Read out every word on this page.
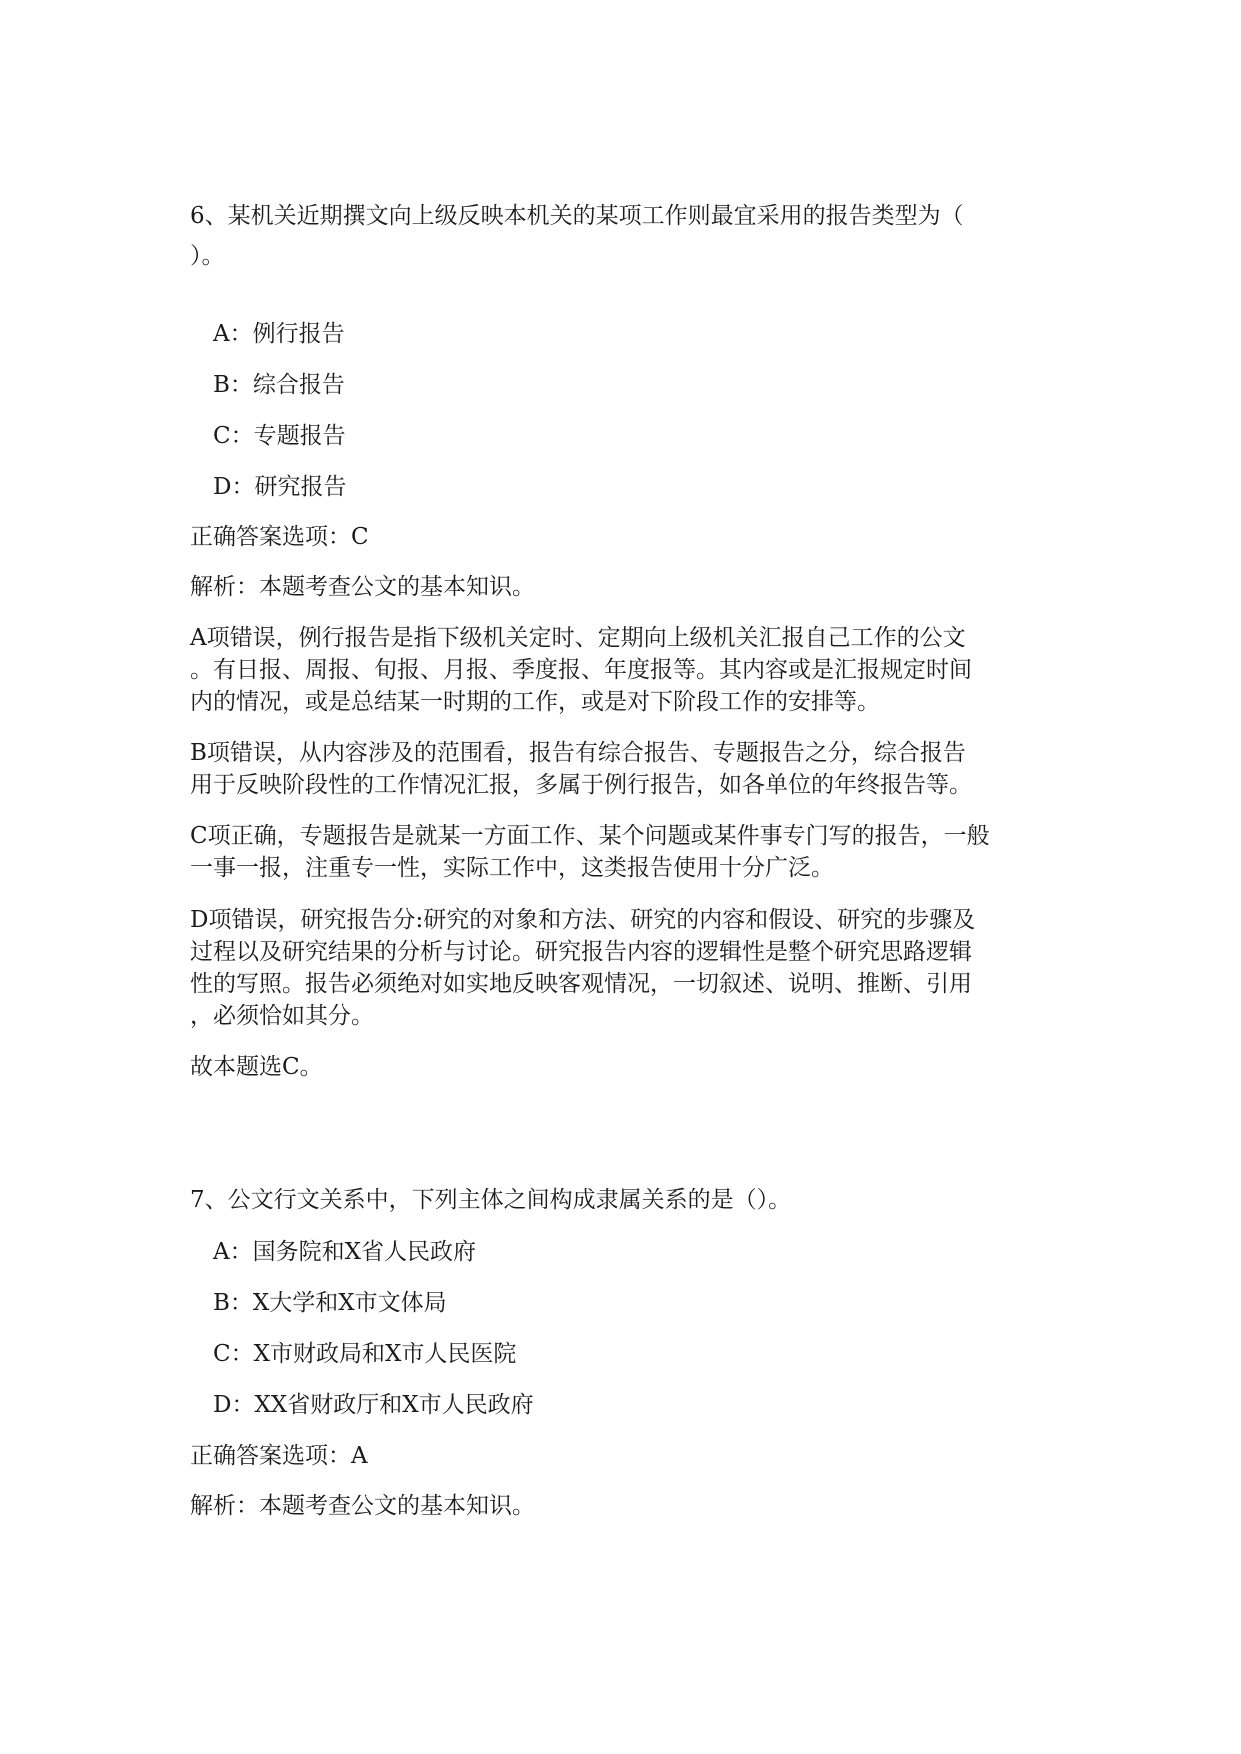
6、某机关近期撰文向上级反映本机关的某项工作则最宜采用的报告类型为（

）。

A：例行报告

B：综合报告

C：专题报告

D：研究报告

正确答案选项：C

解析：本题考查公文的基本知识。

A项错误，例行报告是指下级机关定时、定期向上级机关汇报自己工作的公文

。有日报、周报、旬报、月报、季度报、年度报等。其内容或是汇报规定时间

内的情况，或是总结某一时期的工作，或是对下阶段工作的安排等。

B项错误，从内容涉及的范围看，报告有综合报告、专题报告之分，综合报告

用于反映阶段性的工作情况汇报，多属于例行报告，如各单位的年终报告等。

C项正确，专题报告是就某一方面工作、某个问题或某件事专门写的报告，一般

一事一报，注重专一性，实际工作中，这类报告使用十分广泛。

D项错误，研究报告分:研究的对象和方法、研究的内容和假设、研究的步骤及

过程以及研究结果的分析与讨论。研究报告内容的逻辑性是整个研究思路逻辑

性的写照。报告必须绝对如实地反映客观情况，一切叙述、说明、推断、引用

，必须恰如其分。

故本题选C。

7、公文行文关系中，下列主体之间构成隶属关系的是（）。

A：国务院和X省人民政府

B：X大学和X市文体局

C：X市财政局和X市人民医院

D：XX省财政厅和X市人民政府

正确答案选项：A

解析：本题考查公文的基本知识。
